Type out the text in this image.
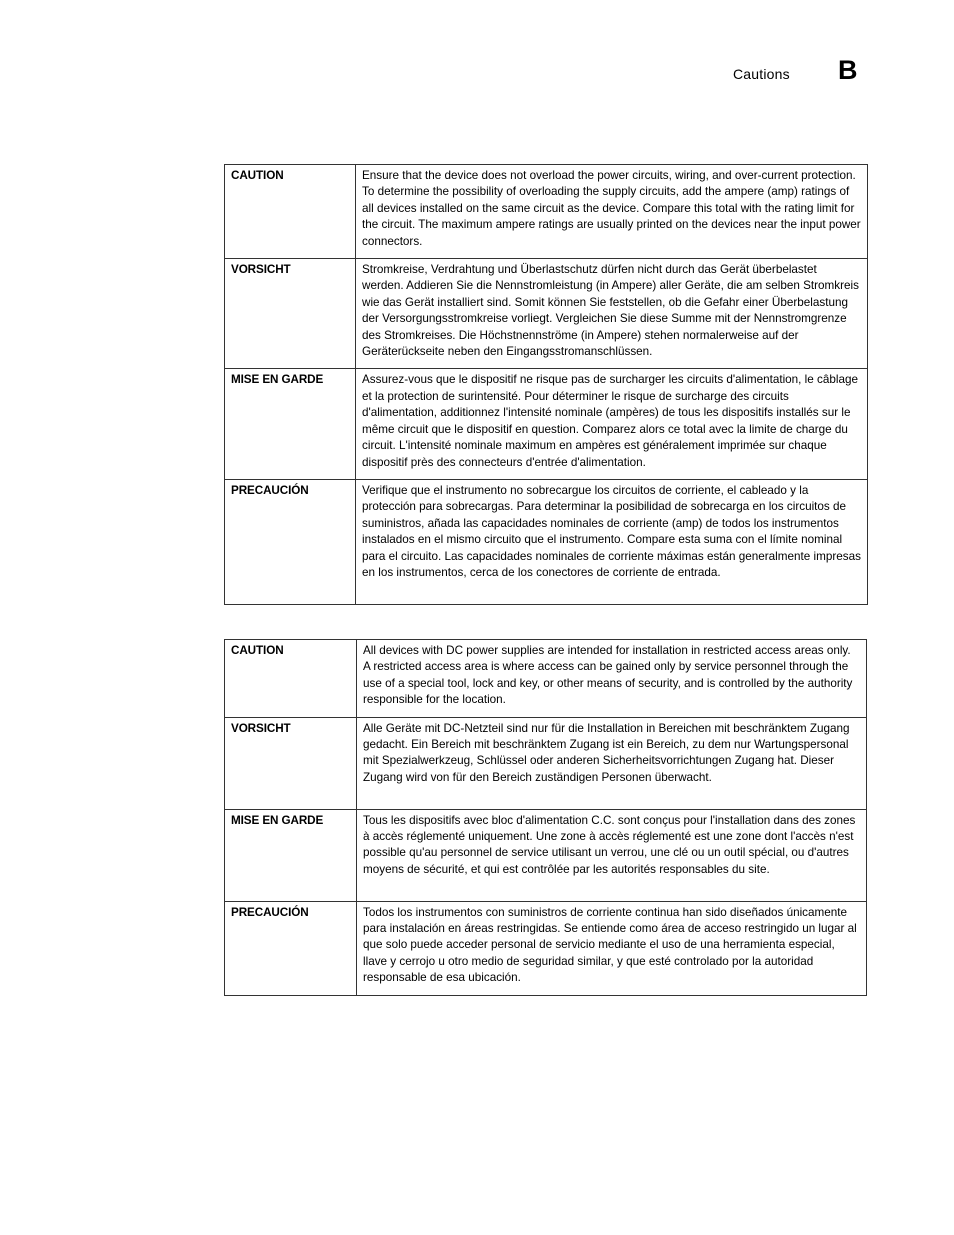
Cautions B
CAUTION	Ensure that the device does not overload the power circuits, wiring, and over-current protection. To determine the possibility of overloading the supply circuits, add the ampere (amp) ratings of all devices installed on the same circuit as the device. Compare this total with the rating limit for the circuit. The maximum ampere ratings are usually printed on the devices near the input power connectors.
VORSICHT	Stromkreise, Verdrahtung und Überlastschutz dürfen nicht durch das Gerät überbelastet werden. Addieren Sie die Nennstromleistung (in Ampere) aller Geräte, die am selben Stromkreis wie das Gerät installiert sind. Somit können Sie feststellen, ob die Gefahr einer Überbelastung der Versorgungsstromkreise vorliegt. Vergleichen Sie diese Summe mit der Nennstromgrenze des Stromkreises. Die Höchstnennströme (in Ampere) stehen normalerweise auf der Geräterückseite neben den Eingangsstromanschlüssen.
MISE EN GARDE	Assurez-vous que le dispositif ne risque pas de surcharger les circuits d'alimentation, le câblage et la protection de surintensité. Pour déterminer le risque de surcharge des circuits d'alimentation, additionnez l'intensité nominale (ampères) de tous les dispositifs installés sur le même circuit que le dispositif en question. Comparez alors ce total avec la limite de charge du circuit. L'intensité nominale maximum en ampères est généralement imprimée sur chaque dispositif près des connecteurs d'entrée d'alimentation.
PRECAUCIÓN	Verifique que el instrumento no sobrecargue los circuitos de corriente, el cableado y la protección para sobrecargas. Para determinar la posibilidad de sobrecarga en los circuitos de suministros, añada las capacidades nominales de corriente (amp) de todos los instrumentos instalados en el mismo circuito que el instrumento. Compare esta suma con el límite nominal para el circuito. Las capacidades nominales de corriente máximas están generalmente impresas en los instrumentos, cerca de los conectores de corriente de entrada.
CAUTION	All devices with DC power supplies are intended for installation in restricted access areas only. A restricted access area is where access can be gained only by service personnel through the use of a special tool, lock and key, or other means of security, and is controlled by the authority responsible for the location.
VORSICHT	Alle Geräte mit DC-Netzteil sind nur für die Installation in Bereichen mit beschränktem Zugang gedacht. Ein Bereich mit beschränktem Zugang ist ein Bereich, zu dem nur Wartungspersonal mit Spezialwerkzeug, Schlüssel oder anderen Sicherheitsvorrichtungen Zugang hat. Dieser Zugang wird von für den Bereich zuständigen Personen überwacht.
MISE EN GARDE	Tous les dispositifs avec bloc d'alimentation C.C. sont conçus pour l'installation dans des zones à accès réglementé uniquement. Une zone à accès réglementé est une zone dont l'accès n'est possible qu'au personnel de service utilisant un verrou, une clé ou un outil spécial, ou d'autres moyens de sécurité, et qui est contrôlée par les autorités responsables du site.
PRECAUCIÓN	Todos los instrumentos con suministros de corriente continua han sido diseñados únicamente para instalación en áreas restringidas. Se entiende como área de acceso restringido un lugar al que solo puede acceder personal de servicio mediante el uso de una herramienta especial, llave y cerrojo u otro medio de seguridad similar, y que esté controlado por la autoridad responsable de esa ubicación.
